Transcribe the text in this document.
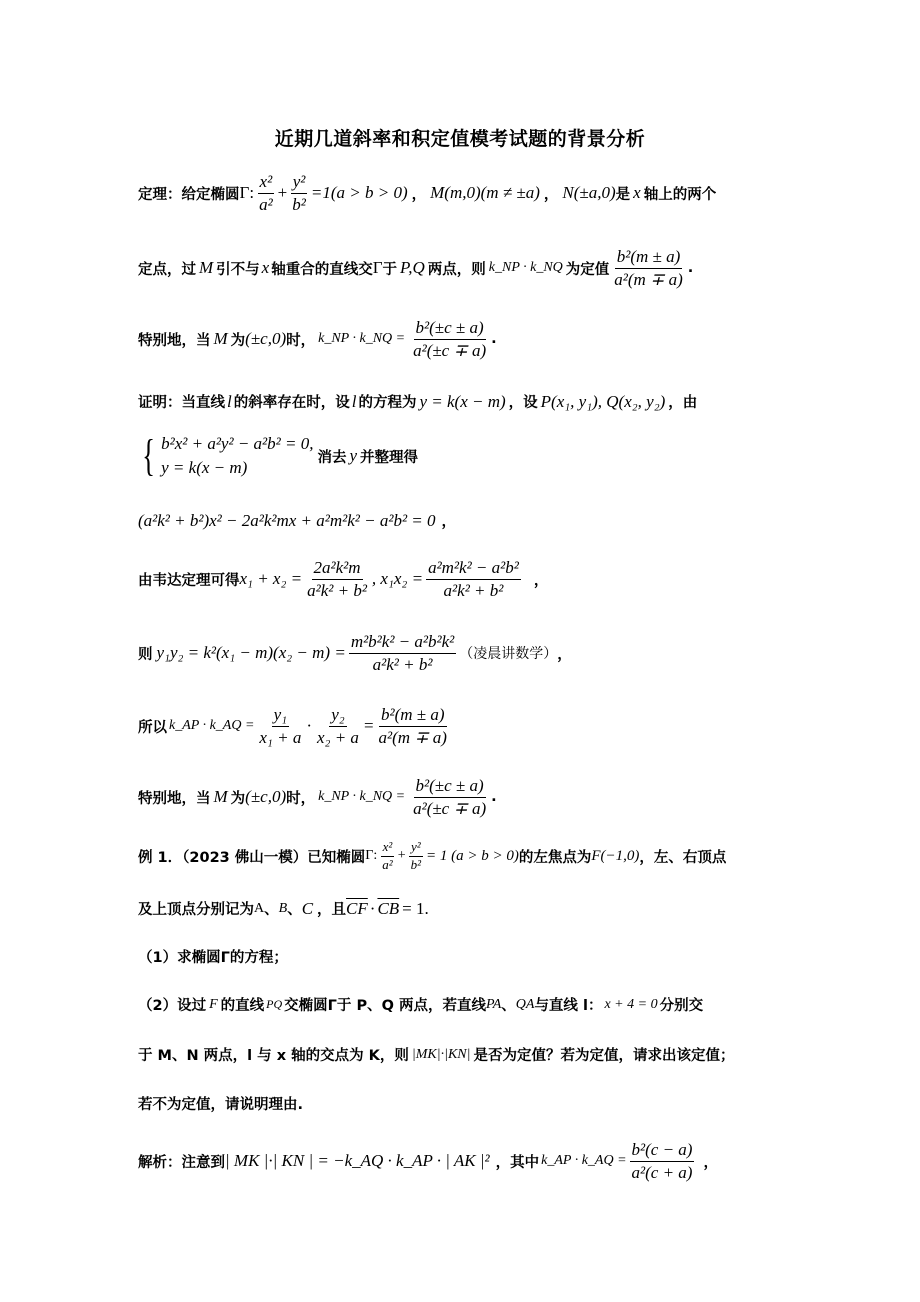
近期几道斜率和积定值模考试题的背景分析
定理：给定椭圆 Γ : $\frac{\text{x²}}{\text{a²}} + \frac{\text{y²}}{\text{b²}} =1(a > b > 0)$ ， M(m,0)(m ≠ ±a) ， N(±a,0) 是 x 轴上的两个
定点，过 M 引不与 x 轴重合的直线交 Γ 于 P,Q 两点，则 k_NP · k_NQ 为定值 $\frac{\text{b²(m ± a)}}{\text{a²(m ∓ a)}}$ .
特别地，当 M 为 (±c,0) 时， k_NP · k_NQ = $\frac{\text{b²(±c ± a)}}{\text{a²(±c ∓ a)}}$ .
证明：当直线 l 的斜率存在时，设 l 的方程为 y = k(x − m) ，设 P(x₁, y₁), Q(x₂, y₂) ，由
{ b²x² + a²y² − a²b² = 0,
y = k(x − m)
消去 y 并整理得
(a²k² + b²)x² − 2a²k²mx + a²m²k² − a²b² = 0 ，
由韦达定理可得 $x_1 + x_2 = \frac{\text{2a²k²m}}{\text{a²k² + b²}}$ , $x_1x_2 = \frac{\text{a²m²k² − a²b²}}{\text{a²k² + b²}}$ ，
则 $y_1y_2 = k^2(x_1 - m)(x_2 - m) = \frac{\text{m²b²k² − a²b²k²}}{\text{a²k² + b²}}$ （凌晨讲数学） ，
所以 k_AP · k_AQ = $\frac{\text{y₁}}{\text{x₁ + a}} \cdot \frac{\text{y₂}}{\text{x₂ + a}} = \frac{\text{b²(m ± a)}}{\text{a²(m ∓ a)}}$
特别地，当 M 为 (±c,0) 时， k_NP · k_NQ = $\frac{\text{b²(±c ± a)}}{\text{a²(±c ∓ a)}}$ .
例 1．（2023 佛山一模）已知椭圆 Γ: $\frac{\text{x²}}{\text{a²}} + \frac{\text{y²}}{\text{b²}} = 1$ (a > b > 0) 的左焦点为 F(−1,0) ，左、右顶点
及上顶点分别记为 A 、 B 、 C ，且 $\overline{CF} \cdot \overline{CB} = 1$.
（1）求椭圆Γ的方程；
（2）设过 F 的直线 PQ 交椭圆Γ于 P、Q 两点，若直线 PA 、 QA 与直线 l： x + 4 = 0 分别交
于 M、N 两点，l 与 x 轴的交点为 K，则 |MK|·|KN| 是否为定值？若为定值，请求出该定值；
若不为定值，请说明理由.
解析：注意到 | MK |·| KN | = −k_AQ · k_AP · | AK |² ，其中 k_AP · k_AQ = $\frac{\text{b²(c − a)}}{\text{a²(c + a)}}$ ，
